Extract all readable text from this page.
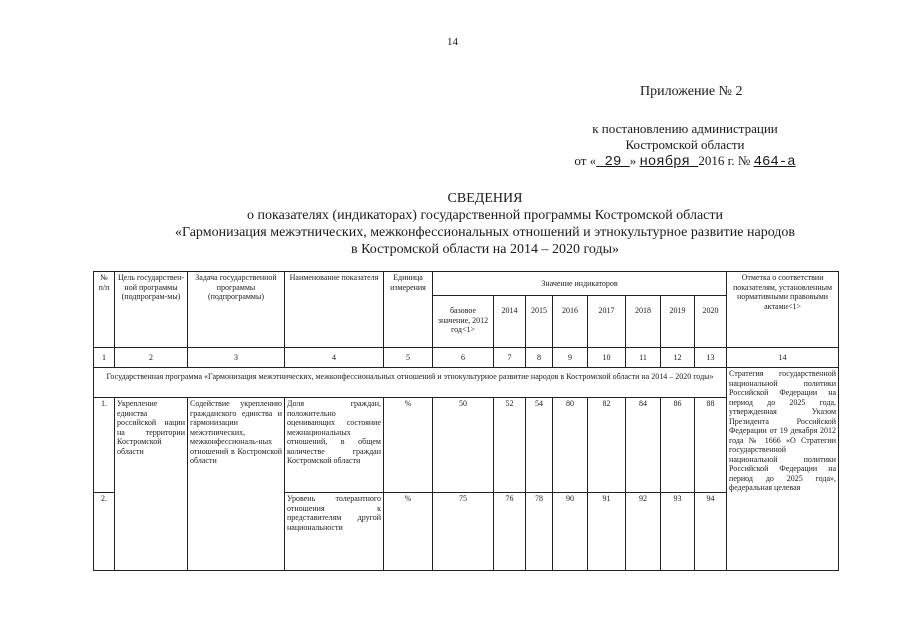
14
Приложение № 2
к постановлению администрации
Костромской области
от « 29 » ноября 2016 г. № 464-а
СВЕДЕНИЯ
о показателях (индикаторах) государственной программы Костромской области
«Гармонизация межэтнических, межконфессиональных отношений и этнокультурное развитие народов
в Костромской области на 2014 – 2020 годы»
№ п/п	Цель государствен-ной программы (подпрограм-мы)	Задача государственной программы (подпрограммы)	Наименование показателя	Единица измерения	Значение индикаторов								Отметка о соответствии показателям, установленным нормативными правовыми актами<1>
					базовое значение, 2012 год<1>	2014	2015	2016	2017	2018	2019	2020	
1	2	3	4	5	6	7	8	9	10	11	12	13	14
Государственная программа «Гармонизация межэтнических, межконфессиональных отношений и этнокультурное развитие народов в Костромской области на 2014 – 2020 годы»													Стратегия государственной национальной политики Российской Федерации на период до 2025 года, утвержденная Указом Президента Российской Федерации от 19 декабря 2012 года № 1666 «О Стратегии государственной национальной политики Российской Федерации на период до 2025 года», федеральная целевая
1.	Укрепление единства российской нации на территории Костромской области	Содействие укреплению гражданского единства и гармонизации межэтнических, межконфессиональ-ных отношений в Костромской области	Доля граждан, положительно оценивающих состояние межнациональных отношений, в общем количестве граждан Костромской области	%	50	52	54	80	82	84	86	88	
2.			Уровень толерантного отношения к представителям другой национальности	%	75	76	78	90	91	92	93	94	
